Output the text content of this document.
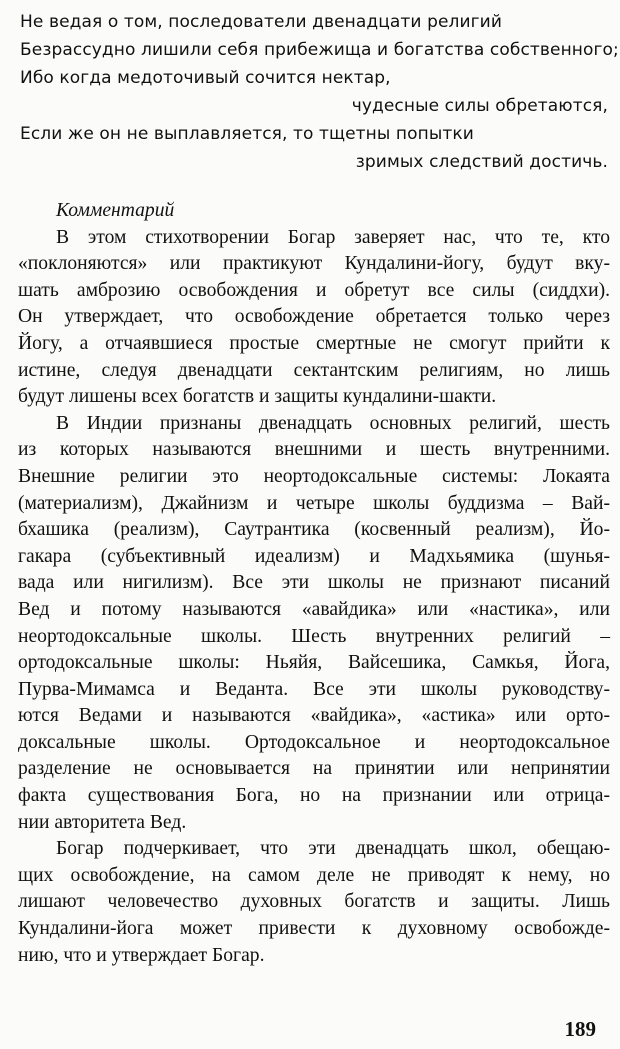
Не ведая о том, последователи двенадцати религий
Безрассудно лишили себя прибежища и богатства собственного;
Ибо когда медоточивый сочится нектар,
чудесные силы обретаются,
Если же он не выплавляется, то тщетны попытки
зримых следствий достичь.
Комментарий

В этом стихотворении Богар заверяет нас, что те, кто
«поклоняются» или практикуют Кундалини-йогу, будут вку-
шать амброзию освобождения и обретут все силы (сиддхи).
Он утверждает, что освобождение обретается только через
Йогу, а отчаявшиеся простые смертные не смогут прийти к
истине, следуя двенадцати сектантским религиям, но лишь
будут лишены всех богатств и защиты кундалини-шакти.

В Индии признаны двенадцать основных религий, шесть
из которых называются внешними и шесть внутренними.
Внешние религии это неортодоксальные системы: Локаята
(материализм), Джайнизм и четыре школы буддизма – Вай-
бхашика (реализм), Саутрантика (косвенный реализм), Йо-
гакара (субъективный идеализм) и Мадхьямика (шунья-
вада или нигилизм). Все эти школы не признают писаний
Вед и потому называются «авайдика» или «настика», или
неортодоксальные школы. Шесть внутренних религий –
ортодоксальные школы: Ньяйя, Вайсешика, Самкья, Йога,
Пурва-Мимамса и Веданта. Все эти школы руководству-
ются Ведами и называются «вайдика», «астика» или орто-
доксальные школы. Ортодоксальное и неортодоксальное
разделение не основывается на принятии или непринятии
факта существования Бога, но на признании или отрица-
нии авторитета Вед.

Богар подчеркивает, что эти двенадцать школ, обещаю-
щих освобождение, на самом деле не приводят к нему, но
лишают человечество духовных богатств и защиты. Лишь
Кундалини-йога может привести к духовному освобожде-
нию, что и утверждает Богар.

189
